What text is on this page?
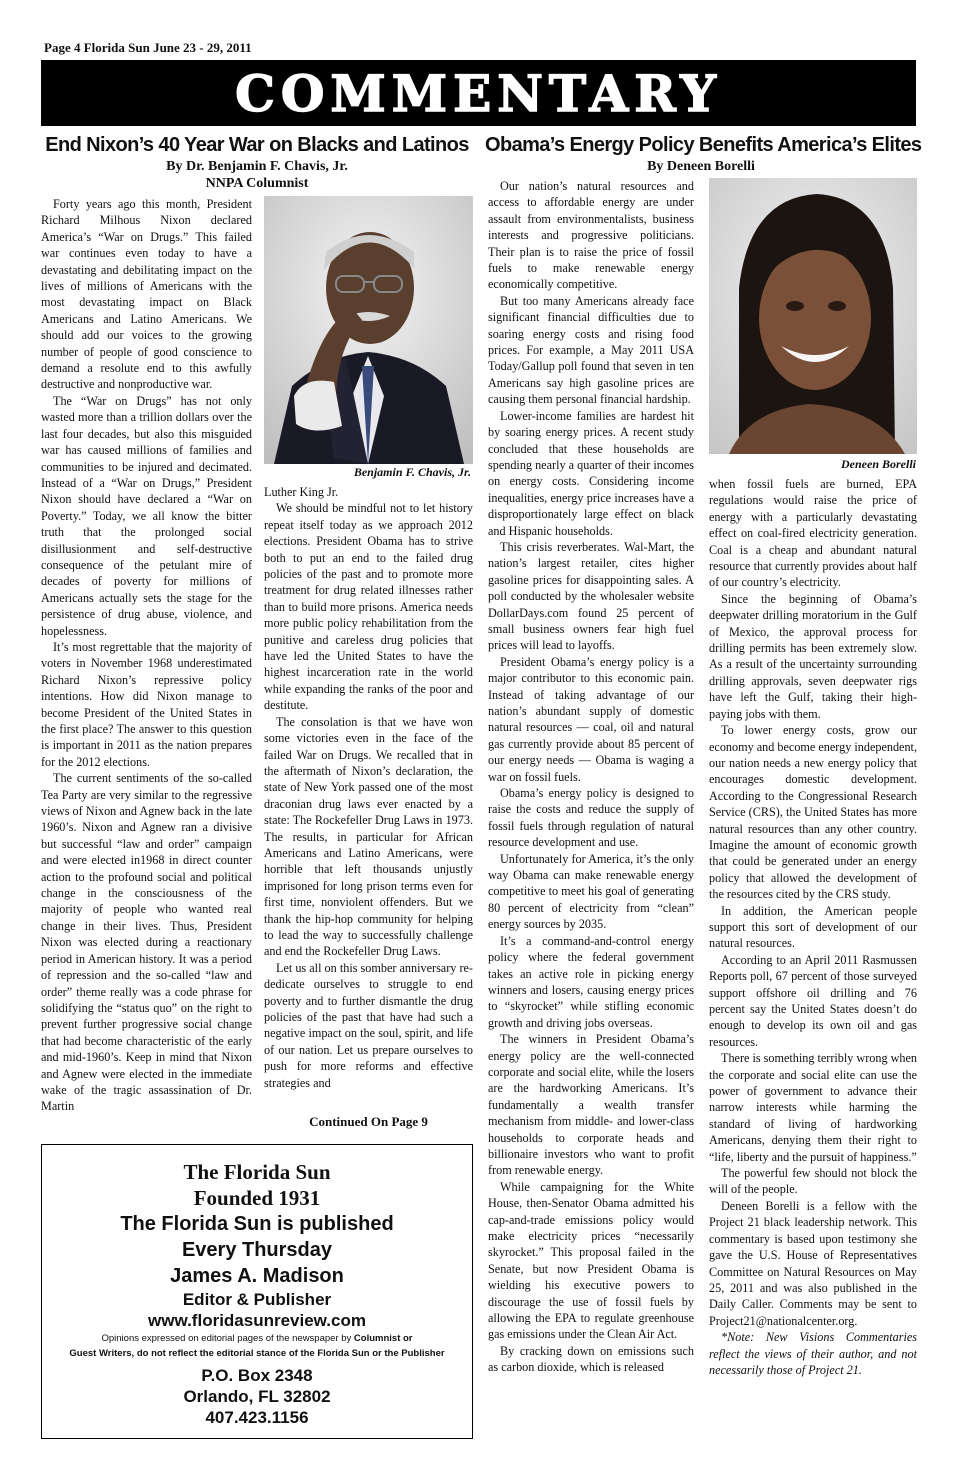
Page 4 Florida Sun June 23 - 29, 2011
COMMENTARY
End Nixon’s 40 Year War on Blacks and Latinos
By Dr. Benjamin F. Chavis, Jr.
NNPA Columnist

Forty years ago this month, President Richard Milhous Nixon declared America’s “War on Drugs.” This failed war continues even today to have a devastating and debilitating impact on the lives of millions of Americans with the most devastating impact on Black Americans and Latino Americans. We should add our voices to the growing number of people of good conscience to demand a resolute end to this awfully destructive and nonproductive war.

The “War on Drugs” has not only wasted more than a trillion dollars over the last four decades, but also this misguided war has caused millions of families and communities to be injured and decimated. Instead of a “War on Drugs,” President Nixon should have declared a “War on Poverty.” Today, we all know the bitter truth that the prolonged social disillusionment and self-destructive consequence of the petulant mire of decades of poverty for millions of Americans actually sets the stage for the persistence of drug abuse, violence, and hopelessness.

It’s most regrettable that the majority of voters in November 1968 underestimated Richard Nixon’s repressive policy intentions. How did Nixon manage to become President of the United States in the first place? The answer to this question is important in 2011 as the nation prepares for the 2012 elections.

The current sentiments of the so-called Tea Party are very similar to the regressive views of Nixon and Agnew back in the late 1960’s. Nixon and Agnew ran a divisive but successful “law and order” campaign and were elected in1968 in direct counter action to the profound social and political change in the consciousness of the majority of people who wanted real change in their lives. Thus, President Nixon was elected during a reactionary period in American history. It was a period of repression and the so-called “law and order” theme really was a code phrase for solidifying the “status quo” on the right to prevent further progressive social change that had become characteristic of the early and mid-1960’s. Keep in mind that Nixon and Agnew were elected in the immediate wake of the tragic assassination of Dr. Martin

Benjamin F. Chavis, Jr.

Luther King Jr.

We should be mindful not to let history repeat itself today as we approach 2012 elections. President Obama has to strive both to put an end to the failed drug policies of the past and to promote more treatment for drug related illnesses rather than to build more prisons. America needs more public policy rehabilitation from the punitive and careless drug policies that have led the United States to have the highest incarceration rate in the world while expanding the ranks of the poor and destitute.

The consolation is that we have won some victories even in the face of the failed War on Drugs. We recalled that in the aftermath of Nixon’s declaration, the state of New York passed one of the most draconian drug laws ever enacted by a state: The Rockefeller Drug Laws in 1973. The results, in particular for African Americans and Latino Americans, were horrible that left thousands unjustly imprisoned for long prison terms even for first time, nonviolent offenders. But we thank the hip-hop community for helping to lead the way to successfully challenge and end the Rockefeller Drug Laws.

Let us all on this somber anniversary re-dedicate ourselves to struggle to end poverty and to further dismantle the drug policies of the past that have had such a negative impact on the soul, spirit, and life of our nation. Let us prepare ourselves to push for more reforms and effective strategies and

Continued On Page 9
Obama’s Energy Policy Benefits America’s Elites
By Deneen Borelli

Our nation’s natural resources and access to affordable energy are under assault from environmentalists, business interests and progressive politicians. Their plan is to raise the price of fossil fuels to make renewable energy economically competitive.

But too many Americans already face significant financial difficulties due to soaring energy costs and rising food prices. For example, a May 2011 USA Today/Gallup poll found that seven in ten Americans say high gasoline prices are causing them personal financial hardship.

Lower-income families are hardest hit by soaring energy prices. A recent study concluded that these households are spending nearly a quarter of their incomes on energy costs. Considering income inequalities, energy price increases have a disproportionately large effect on black and Hispanic households.

This crisis reverberates. Wal-Mart, the nation’s largest retailer, cites higher gasoline prices for disappointing sales. A poll conducted by the wholesaler website DollarDays.com found 25 percent of small business owners fear high fuel prices will lead to layoffs.

President Obama’s energy policy is a major contributor to this economic pain. Instead of taking advantage of our nation’s abundant supply of domestic natural resources — coal, oil and natural gas currently provide about 85 percent of our energy needs — Obama is waging a war on fossil fuels.

Obama’s energy policy is designed to raise the costs and reduce the supply of fossil fuels through regulation of natural resource development and use.

Unfortunately for America, it’s the only way Obama can make renewable energy competitive to meet his goal of generating 80 percent of electricity from “clean” energy sources by 2035.

It’s a command-and-control energy policy where the federal government takes an active role in picking energy winners and losers, causing energy prices to “skyrocket” while stifling economic growth and driving jobs overseas.

The winners in President Obama’s energy policy are the well-connected corporate and social elite, while the losers are the hardworking Americans. It’s fundamentally a wealth transfer mechanism from middle- and lower-class households to corporate heads and billionaire investors who want to profit from renewable energy.

While campaigning for the White House, then-Senator Obama admitted his cap-and-trade emissions policy would make electricity prices “necessarily skyrocket.” This proposal failed in the Senate, but now President Obama is wielding his executive powers to discourage the use of fossil fuels by allowing the EPA to regulate greenhouse gas emissions under the Clean Air Act.

By cracking down on emissions such as carbon dioxide, which is released

Deneen Borelli

when fossil fuels are burned, EPA regulations would raise the price of energy with a particularly devastating effect on coal-fired electricity generation. Coal is a cheap and abundant natural resource that currently provides about half of our country’s electricity.

Since the beginning of Obama’s deepwater drilling moratorium in the Gulf of Mexico, the approval process for drilling permits has been extremely slow. As a result of the uncertainty surrounding drilling approvals, seven deepwater rigs have left the Gulf, taking their high-paying jobs with them.

To lower energy costs, grow our economy and become energy independent, our nation needs a new energy policy that encourages domestic development. According to the Congressional Research Service (CRS), the United States has more natural resources than any other country. Imagine the amount of economic growth that could be generated under an energy policy that allowed the development of the resources cited by the CRS study.

In addition, the American people support this sort of development of our natural resources.

According to an April 2011 Rasmussen Reports poll, 67 percent of those surveyed support offshore oil drilling and 76 percent say the United States doesn’t do enough to develop its own oil and gas resources.

There is something terribly wrong when the corporate and social elite can use the power of government to advance their narrow interests while harming the standard of living of hardworking Americans, denying them their right to “life, liberty and the pursuit of happiness.”

The powerful few should not block the will of the people.

Deneen Borelli is a fellow with the Project 21 black leadership network. This commentary is based upon testimony she gave the U.S. House of Representatives Committee on Natural Resources on May 25, 2011 and was also published in the Daily Caller. Comments may be sent to Project21@nationalcenter.org.

*Note: New Visions Commentaries reflect the views of their author, and not necessarily those of Project 21.

The Florida Sun
Founded 1931
The Florida Sun is published
Every Thursday
James A. Madison
Editor & Publisher
www.floridasunreview.com
Opinions expressed on editorial pages of the newspaper by Columnist or
Guest Writers, do not reflect the editorial stance of the Florida Sun or the Publisher
P.O. Box 2348
Orlando, FL 32802
407.423.1156
